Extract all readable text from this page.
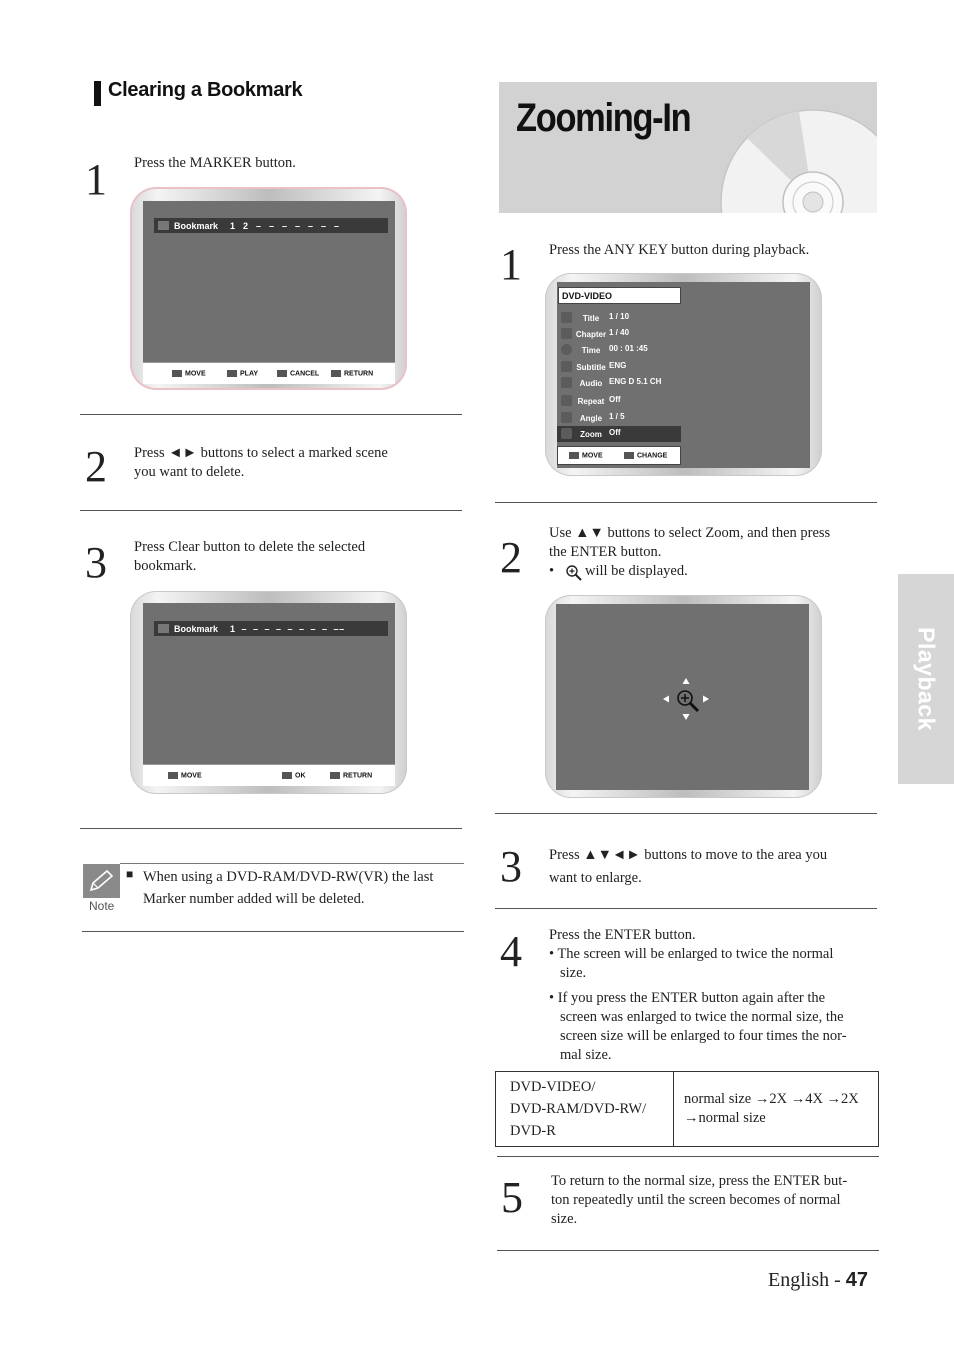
Clearing a Bookmark
1 Press the MARKER button.
Bookmark	1  2  –  –  –  –  –  –  –
MOVE	PLAY	CANCEL	RETURN
2 Press ◄► buttons to select a marked scene
you want to delete.
3 Press Clear button to delete the selected
bookmark.
Bookmark	1  –  –  –  –  –  –  –  –  ––
MOVE	OK	RETURN
Note
■ When using a DVD-RAM/DVD-RW(VR) the last
Marker number added will be deleted.
Zooming-In
1 Press the ANY KEY button during playback.
DVD-VIDEO
Title	1 / 10
Chapter 1 / 40
Time	00 : 01 :45
Subtitle ENG
Audio ENG D 5.1 CH
Repeat Off
Angle 1 / 5
Zoom Off
MOVE	CHANGE
2 Use ▲▼ buttons to select Zoom, and then press
the ENTER button.
• will be displayed.
3 Press ▲▼◄► buttons to move to the area you
want to enlarge.
4 Press the ENTER button.
• The screen will be enlarged to twice the normal
size.
• If you press the ENTER button again after the
screen was enlarged to twice the normal size, the
screen size will be enlarged to four times the nor-
mal size.
DVD-VIDEO/
DVD-RAM/DVD-RW/
DVD-R

normal size →2X →4X →2X
→normal size
5 To return to the normal size, press the ENTER but-
ton repeatedly until the screen becomes of normal
size.
Playback
English - 47
